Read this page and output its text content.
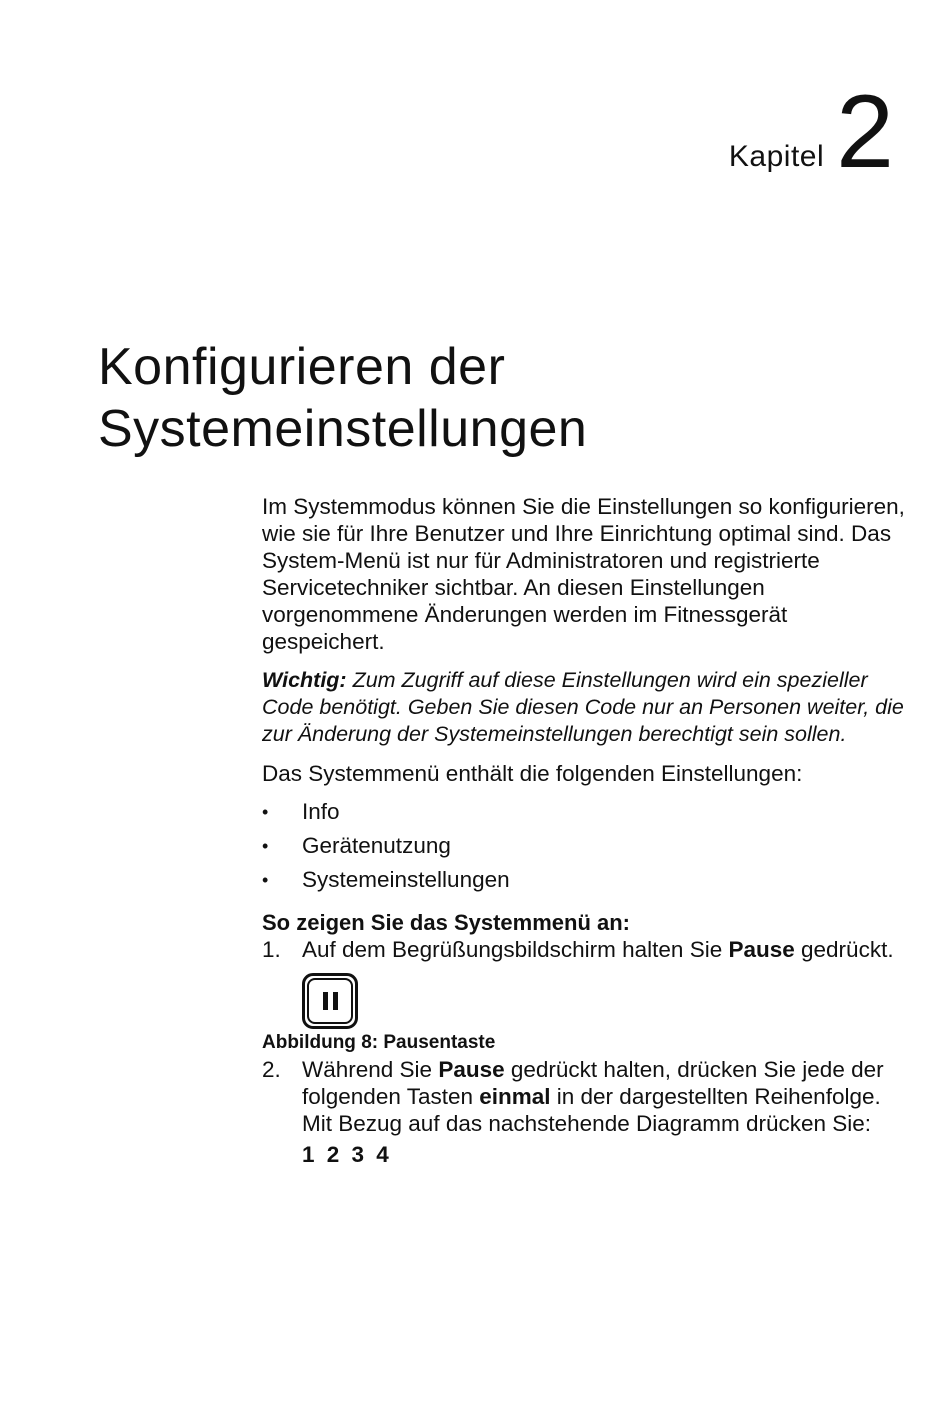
Kapitel 2
Konfigurieren der
Systemeinstellungen

Im Systemmodus können Sie die Einstellungen so konfigurieren, wie sie für Ihre Benutzer und Ihre Einrichtung optimal sind. Das System-Menü ist nur für Administratoren und registrierte Servicetechniker sichtbar. An diesen Einstellungen vorgenommene Änderungen werden im Fitnessgerät gespeichert.

Wichtig: Zum Zugriff auf diese Einstellungen wird ein spezieller Code benötigt. Geben Sie diesen Code nur an Personen weiter, die zur Änderung der Systemeinstellungen berechtigt sein sollen.

Das Systemmenü enthält die folgenden Einstellungen:

• Info
• Gerätenutzung
• Systemeinstellungen

So zeigen Sie das Systemmenü an:

1. Auf dem Begrüßungsbildschirm halten Sie Pause gedrückt.

Abbildung 8: Pausentaste

2. Während Sie Pause gedrückt halten, drücken Sie jede der folgenden Tasten einmal in der dargestellten Reihenfolge. Mit Bezug auf das nachstehende Diagramm drücken Sie:
1 2 3 4
